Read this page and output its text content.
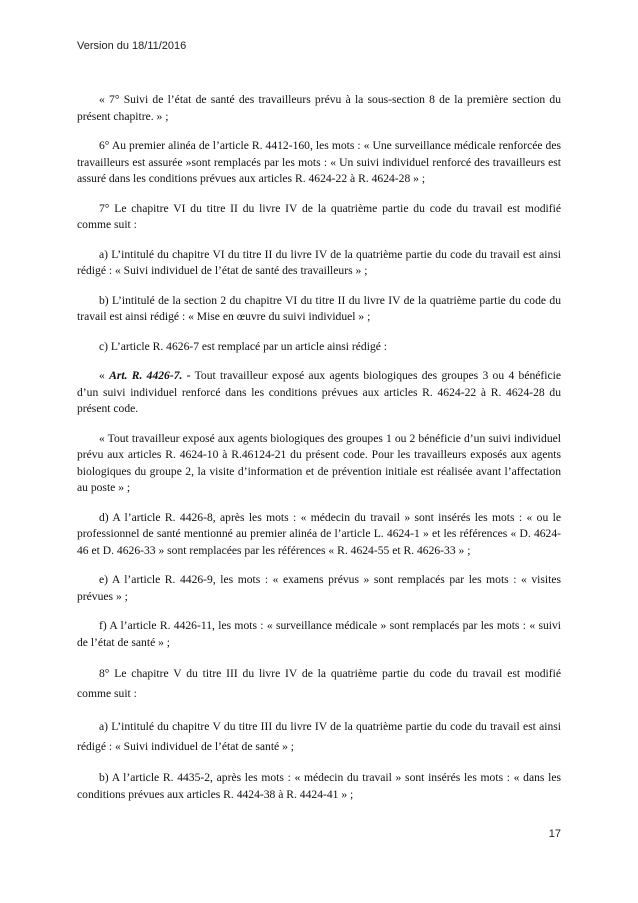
Version du 18/11/2016

« 7° Suivi de l’état de santé des travailleurs prévu à la sous-section 8 de la première section du présent chapitre. » ;

6° Au premier alinéa de l’article R. 4412-160, les mots : « Une surveillance médicale renforcée des travailleurs est assurée »sont remplacés par les mots : « Un suivi individuel renforcé des travailleurs est assuré dans les conditions prévues aux articles R. 4624-22 à R. 4624-28 » ;

7° Le chapitre VI du titre II du livre IV de la quatrième partie du code du travail est modifié comme suit :

a) L’intitulé du chapitre VI du titre II du livre IV de la quatrième partie du code du travail est ainsi rédigé : « Suivi individuel de l’état de santé des travailleurs » ;

b) L’intitulé de la section 2 du chapitre VI du titre II du livre IV de la quatrième partie du code du travail est ainsi rédigé : « Mise en œuvre du suivi individuel » ;

c) L’article R. 4626-7 est remplacé par un article ainsi rédigé :

« Art. R. 4426-7. - Tout travailleur exposé aux agents biologiques des groupes 3 ou 4 bénéficie d’un suivi individuel renforcé dans les conditions prévues aux articles R. 4624-22 à R. 4624-28 du présent code.

« Tout travailleur exposé aux agents biologiques des groupes 1 ou 2 bénéficie d’un suivi individuel prévu aux articles R. 4624-10 à R.46124-21 du présent code. Pour les travailleurs exposés aux agents biologiques du groupe 2, la visite d’information et de prévention initiale est réalisée avant l’affectation au poste » ;

d) A l’article R. 4426-8, après les mots : « médecin du travail » sont insérés les mots : « ou le professionnel de santé mentionné au premier alinéa de l’article L. 4624-1 » et les références « D. 4624-46 et D. 4626-33 » sont remplacées par les références « R. 4624-55 et R. 4626-33 » ;

e) A l’article R. 4426-9, les mots : « examens prévus » sont remplacés par les mots : « visites prévues » ;

f) A l’article R. 4426-11, les mots : « surveillance médicale » sont remplacés par les mots : « suivi de l’état de santé » ;

8° Le chapitre V du titre III du livre IV de la quatrième partie du code du travail est modifié comme suit :

a) L’intitulé du chapitre V du titre III du livre IV de la quatrième partie du code du travail est ainsi rédigé : « Suivi individuel de l’état de santé » ;

b) A l’article R. 4435-2, après les mots : « médecin du travail » sont insérés les mots : « dans les conditions prévues aux articles R. 4424-38 à R. 4424-41 » ;

17
